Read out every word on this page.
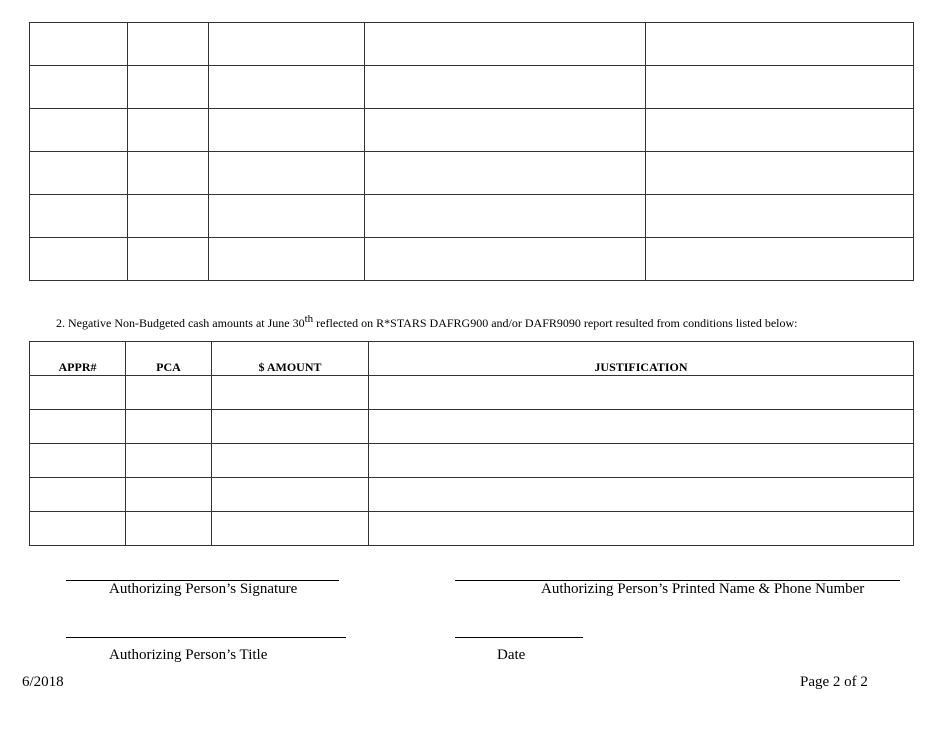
2. Negative Non-Budgeted cash amounts at June 30th reflected on R*STARS DAFRG900 and/or DAFR9090 report resulted from conditions listed below:
APPR#	PCA	$ AMOUNT	JUSTIFICATION

Authorizing Person’s Signature	Authorizing Person’s Printed Name & Phone Number
Authorizing Person’s Title	Date
6/2018	Page 2 of 2
